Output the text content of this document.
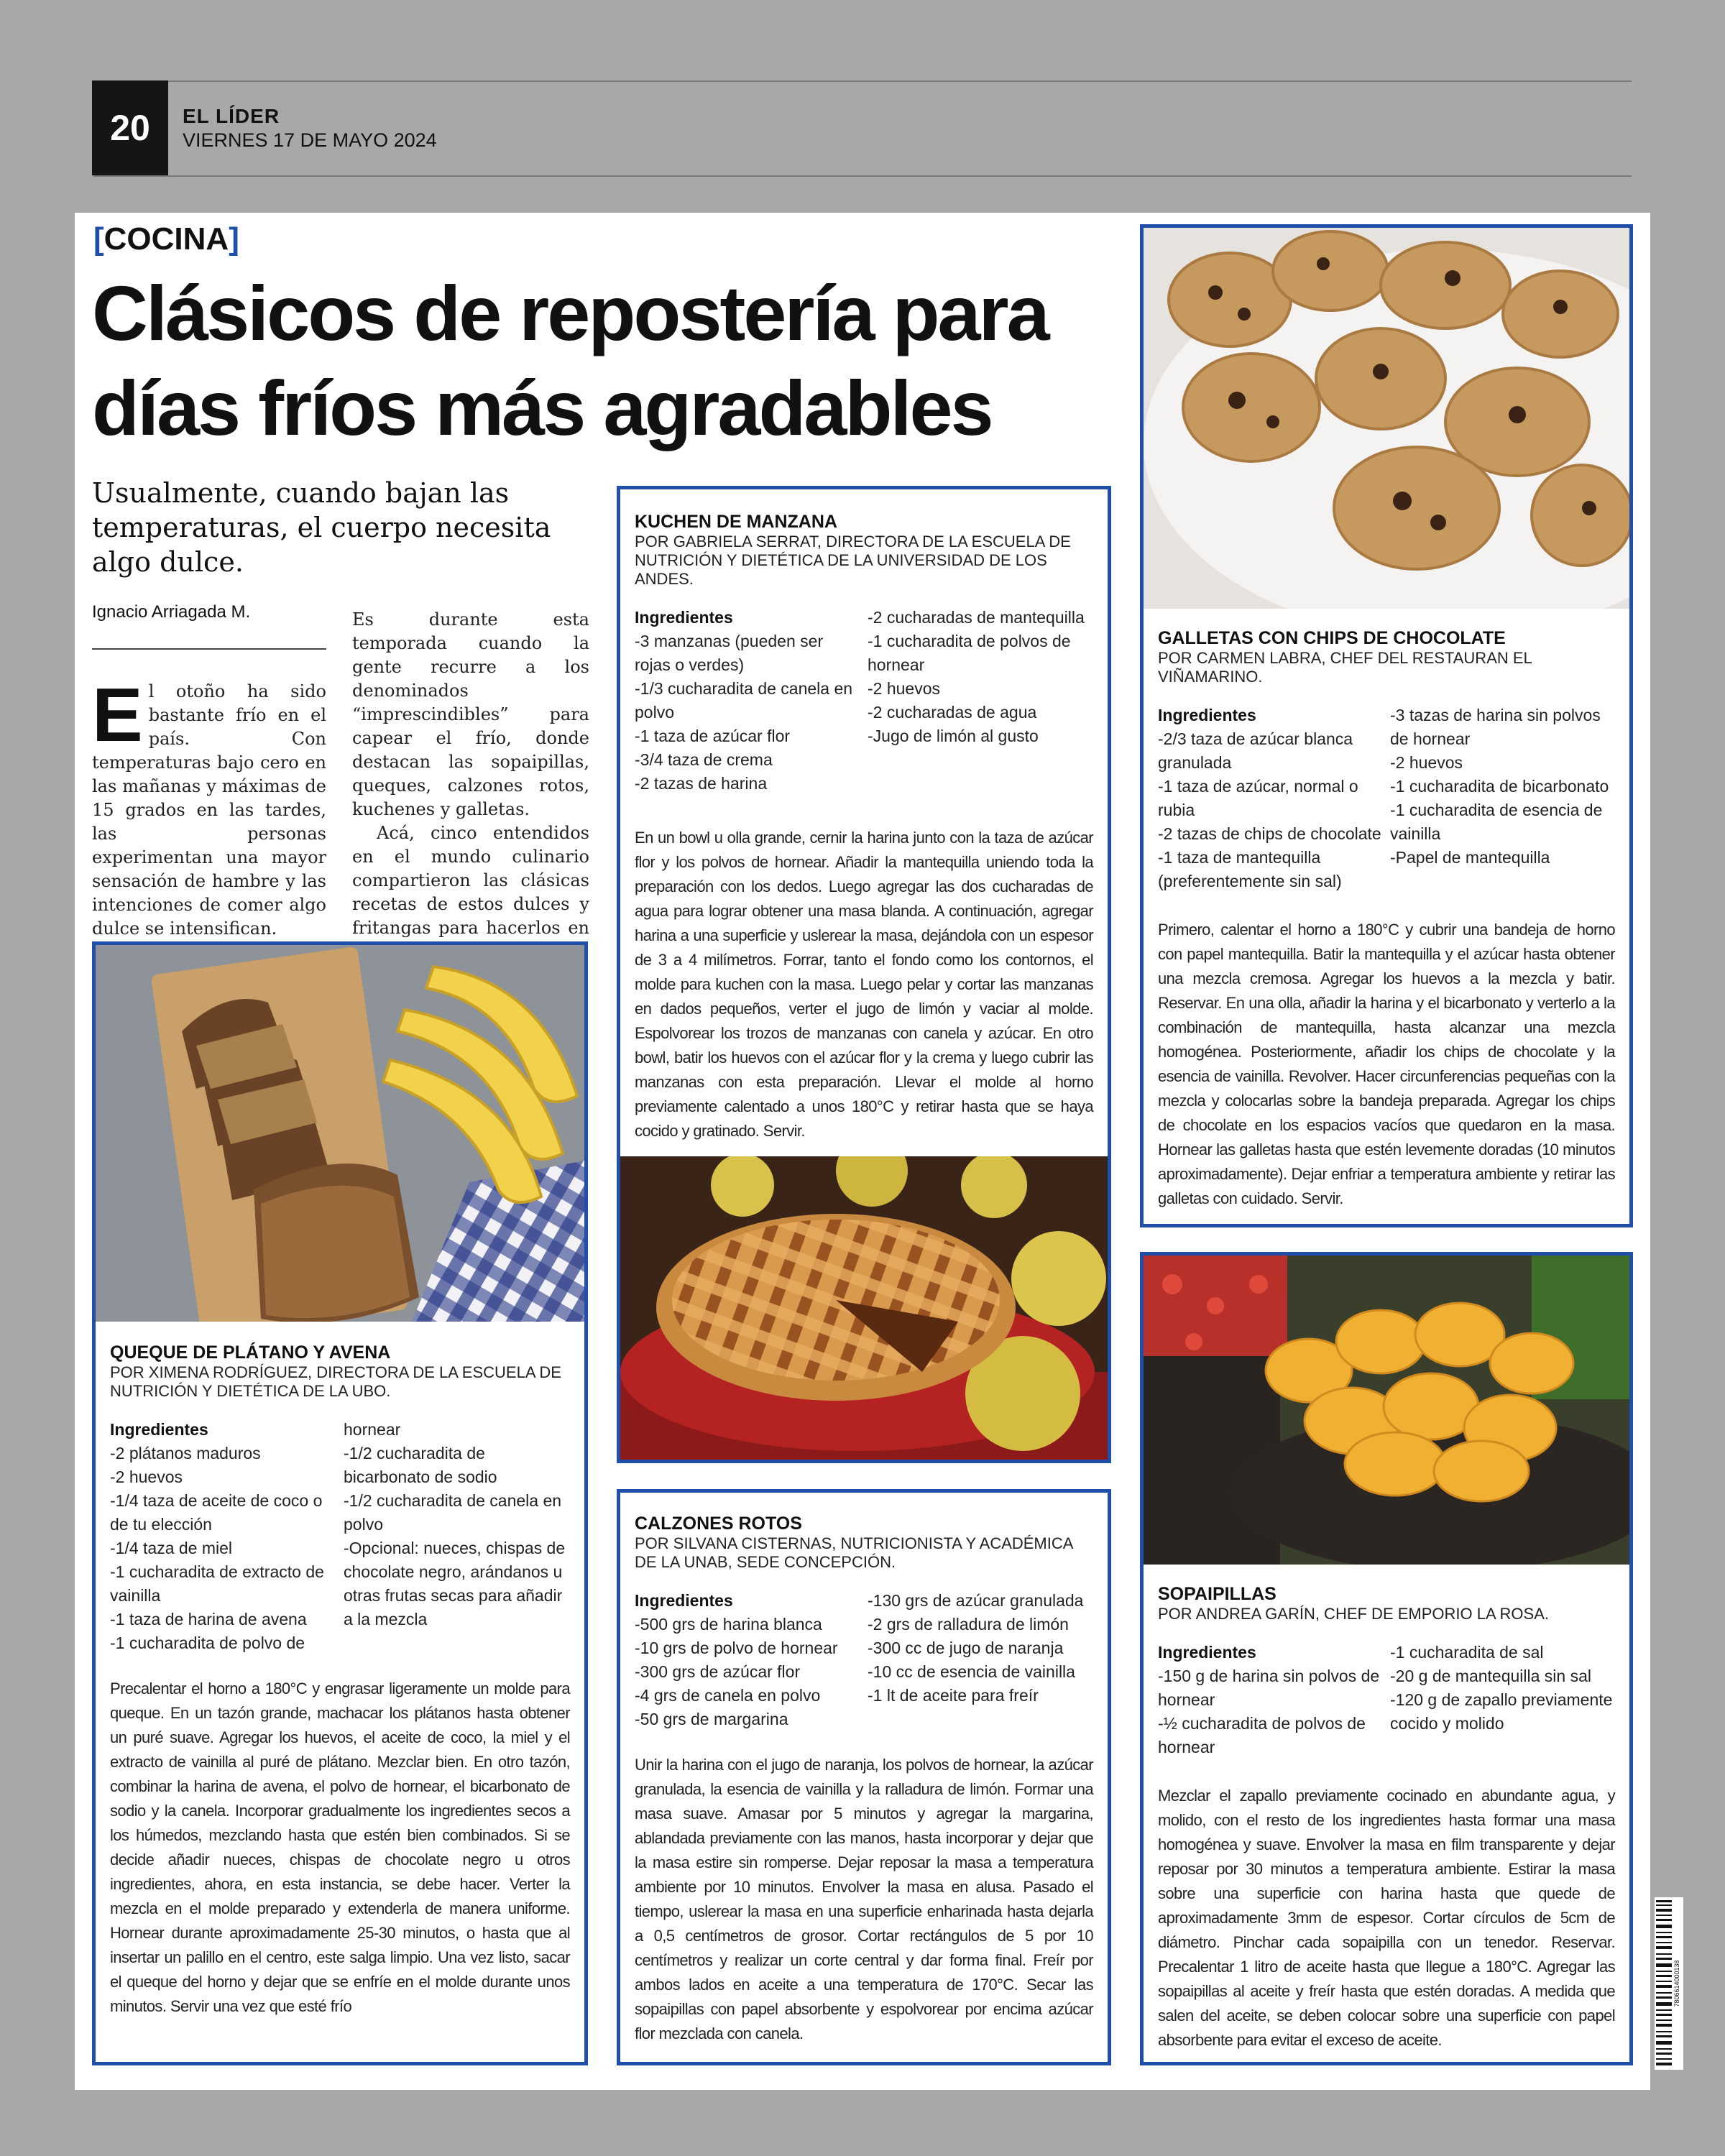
20	EL LÍDER
VIERNES 17 DE MAYO 2024
[COCINA]
Clásicos de repostería para días fríos más agradables
Usualmente, cuando bajan las temperaturas, el cuerpo necesita algo dulce.
Ignacio Arriagada M.
El otoño ha sido bastante frío en el país. Con temperaturas bajo cero en las mañanas y máximas de 15 grados en las tardes, las personas experimentan una mayor sensación de hambre y las intenciones de comer algo dulce se intensifican.

Es durante esta temporada cuando la gente recurre a los denominados “imprescindibles” para capear el frío, donde destacan las sopaipillas, queques, calzones rotos, kuchenes y galletas.

Acá, cinco entendidos en el mundo culinario compartieron las clásicas recetas de estos dulces y fritangas para hacerlos en

KUCHEN DE MANZANA
POR GABRIELA SERRAT, DIRECTORA DE LA ESCUELA DE NUTRICIÓN Y DIETÉTICA DE LA UNIVERSIDAD DE LOS ANDES.
Ingredientes
-3 manzanas (pueden ser rojas o verdes)
-1/3 cucharadita de canela en polvo
-1 taza de azúcar flor
-3/4 taza de crema
-2 tazas de harina
-2 cucharadas de mantequilla
-1 cucharadita de polvos de hornear
-2 huevos
-2 cucharadas de agua
-Jugo de limón al gusto
En un bowl u olla grande, cernir la harina junto con la taza de azúcar flor y los polvos de hornear. Añadir la mantequilla uniendo toda la preparación con los dedos. Luego agregar las dos cucharadas de agua para lograr obtener una masa blanda. A continuación, agregar harina a una superficie y uslerear la masa, dejándola con un espesor de 3 a 4 milímetros. Forrar, tanto el fondo como los contornos, el molde para kuchen con la masa. Luego pelar y cortar las manzanas en dados pequeños, verter el jugo de limón y vaciar al molde. Espolvorear los trozos de manzanas con canela y azúcar. En otro bowl, batir los huevos con el azúcar flor y la crema y luego cubrir las manzanas con esta preparación. Llevar el molde al horno previamente calentado a unos 180°C y retirar hasta que se haya cocido y gratinado. Servir.
GALLETAS CON CHIPS DE CHOCOLATE
POR CARMEN LABRA, CHEF DEL RESTAURAN EL VIÑAMARINO.
Ingredientes
-2/3 taza de azúcar blanca granulada
-1 taza de azúcar, normal o rubia
-2 tazas de chips de chocolate
-1 taza de mantequilla (preferentemente sin sal)
-3 tazas de harina sin polvos de hornear
-2 huevos
-1 cucharadita de bicarbonato
-1 cucharadita de esencia de vainilla
-Papel de mantequilla
Primero, calentar el horno a 180°C y cubrir una bandeja de horno con papel mantequilla. Batir la mantequilla y el azúcar hasta obtener una mezcla cremosa. Agregar los huevos a la mezcla y batir. Reservar. En una olla, añadir la harina y el bicarbonato y verterlo a la combinación de mantequilla, hasta alcanzar una mezcla homogénea. Posteriormente, añadir los chips de chocolate y la esencia de vainilla. Revolver. Hacer circunferencias pequeñas con la mezcla y colocarlas sobre la bandeja preparada. Agregar los chips de chocolate en los espacios vacíos que quedaron en la masa. Hornear las galletas hasta que estén levemente doradas (10 minutos aproximadamente). Dejar enfriar a temperatura ambiente y retirar las galletas con cuidado. Servir.
QUEQUE DE PLÁTANO Y AVENA
POR XIMENA RODRÍGUEZ, DIRECTORA DE LA ESCUELA DE NUTRICIÓN Y DIETÉTICA DE LA UBO.
Ingredientes
-2 plátanos maduros
-2 huevos
-1/4 taza de aceite de coco o de tu elección
-1/4 taza de miel
-1 cucharadita de extracto de vainilla
-1 taza de harina de avena
-1 cucharadita de polvo de
hornear
-1/2 cucharadita de bicarbonato de sodio
-1/2 cucharadita de canela en polvo
-Opcional: nueces, chispas de chocolate negro, arándanos u otras frutas secas para añadir a la mezcla
Precalentar el horno a 180°C y engrasar ligeramente un molde para queque. En un tazón grande, machacar los plátanos hasta obtener un puré suave. Agregar los huevos, el aceite de coco, la miel y el extracto de vainilla al puré de plátano. Mezclar bien. En otro tazón, combinar la harina de avena, el polvo de hornear, el bicarbonato de sodio y la canela. Incorporar gradualmente los ingredientes secos a los húmedos, mezclando hasta que estén bien combinados. Si se decide añadir nueces, chispas de chocolate negro u otros ingredientes, ahora, en esta instancia, se debe hacer. Verter la mezcla en el molde preparado y extenderla de manera uniforme. Hornear durante aproximadamente 25-30 minutos, o hasta que al insertar un palillo en el centro, este salga limpio. Una vez listo, sacar el queque del horno y dejar que se enfríe en el molde durante unos minutos. Servir una vez que esté frío
CALZONES ROTOS
POR SILVANA CISTERNAS, NUTRICIONISTA Y ACADÉMICA DE LA UNAB, SEDE CONCEPCIÓN.
Ingredientes
-500 grs de harina blanca
-10 grs de polvo de hornear
-300 grs de azúcar flor
-4 grs de canela en polvo
-50 grs de margarina
-130 grs de azúcar granulada
-2 grs de ralladura de limón
-300 cc de jugo de naranja
-10 cc de esencia de vainilla
-1 lt de aceite para freír
Unir la harina con el jugo de naranja, los polvos de hornear, la azúcar granulada, la esencia de vainilla y la ralladura de limón. Formar una masa suave. Amasar por 5 minutos y agregar la margarina, ablandada previamente con las manos, hasta incorporar y dejar que la masa estire sin romperse. Dejar reposar la masa a temperatura ambiente por 10 minutos. Envolver la masa en alusa. Pasado el tiempo, uslerear la masa en una superficie enharinada hasta dejarla a 0,5 centímetros de grosor. Cortar rectángulos de 5 por 10 centímetros y realizar un corte central y dar forma final. Freír por ambos lados en aceite a una temperatura de 170°C. Secar las sopaipillas con papel absorbente y espolvorear por encima azúcar flor mezclada con canela.
SOPAIPILLAS
POR ANDREA GARÍN, CHEF DE EMPORIO LA ROSA.
Ingredientes
-150 g de harina sin polvos de hornear
-½ cucharadita de polvos de hornear
-1 cucharadita de sal
-20 g de mantequilla sin sal
-120 g de zapallo previamente cocido y molido
Mezclar el zapallo previamente cocinado en abundante agua, y molido, con el resto de los ingredientes hasta formar una masa homogénea y suave. Envolver la masa en film transparente y dejar reposar por 30 minutos a temperatura ambiente. Estirar la masa sobre una superficie con harina hasta que quede de aproximadamente 3mm de espesor. Cortar círculos de 5cm de diámetro. Pinchar cada sopaipilla con un tenedor. Reservar. Precalentar 1 litro de aceite hasta que llegue a 180°C. Agregar las sopaipillas al aceite y freír hasta que estén doradas. A medida que salen del aceite, se deben colocar sobre una superficie con papel absorbente para evitar el exceso de aceite.
7806614000138
